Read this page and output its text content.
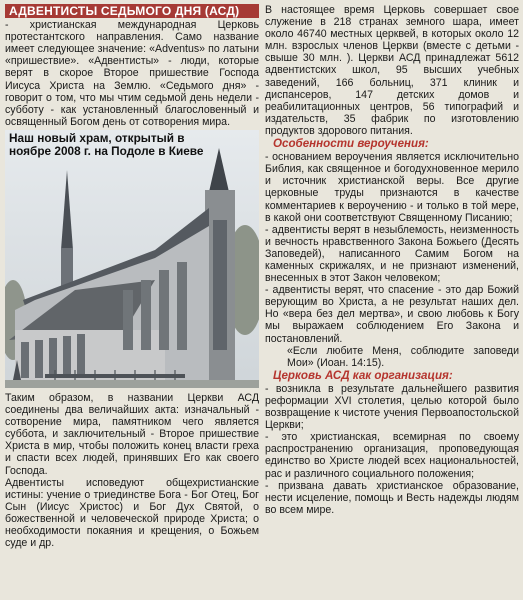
АДВЕНТИСТЫ СЕДЬМОГО ДНЯ (АСД)

- христианская международная Церковь протестантского направления. Само название имеет следующее значение: «Adventus» по латыни «пришествие». «Адвентисты» - люди, которые верят в скорое Второе пришествие Господа Иисуса Христа на Землю. «Седьмого дня» - говорит о том, что мы чтим седьмой день недели - субботу - как установленный благословенный и освященный Богом день от сотворения мира.

Наш новый храм, открытый в ноябре 2008 г. на Подоле в Киеве

Таким образом, в названии Церкви АСД соединены два величайших акта: изначальный - сотворение мира, памятником чего является суббота, и заключительный - Второе пришествие Христа в мир, чтобы положить конец власти греха и спасти всех людей, принявших Его как своего Господа.

Адвентисты исповедуют общехристианские истины: учение о триединстве Бога - Бог Отец, Бог Сын (Иисус Христос) и Бог Дух Святой, о божественной и человеческой природе Христа; о необходимости покаяния и крещения, о Божьем суде и др.

В настоящее время Церковь совершает свое служение в 218 странах земного шара, имеет около 46740 местных церквей, в которых около 12 млн. взрослых членов Церкви (вместе с детьми - свыше 30 млн. ). Церкви АСД принадлежат 5612 адвентистских школ, 95 высших учебных заведений, 166 больниц, 371 клиник и диспансеров, 147 детских домов и реабилитационных центров, 56 типографий и издательств, 35 фабрик по изготовлению продуктов здорового питания.

Особенности вероучения:

- основанием вероучения является исключительно Библия, как священное и богодухновенное мерило и источник христианской веры. Все другие церковные труды признаются в качестве комментариев к вероучению - и только в той мере, в какой они соответствуют Священному Писанию;

- адвентисты верят в незыблемость, неизменность и вечность нравственного Закона Божьего (Десять Заповедей), написанного Самим Богом на каменных скрижалях, и не признают изменений, внесенных в этот Закон человеком;

- адвентисты верят, что спасение - это дар Божий верующим во Христа, а не результат наших дел. Но «вера без дел мертва», и свою любовь к Богу мы выражаем соблюдением Его Закона и постановлений.

«Если любите Меня, соблюдите заповеди Мои» (Иоан. 14:15).

Церковь АСД как организация:

- возникла в результате дальнейшего развития реформации XVI столетия, целью которой было возвращение к чистоте учения Первоапостольской Церкви;

- это христианская, всемирная по своему распространению организация, проповедующая единство во Христе людей всех национальностей, рас и различного социального положения;

- призвана давать христианское образование, нести исцеление, помощь и Весть надежды людям во всем мире.
